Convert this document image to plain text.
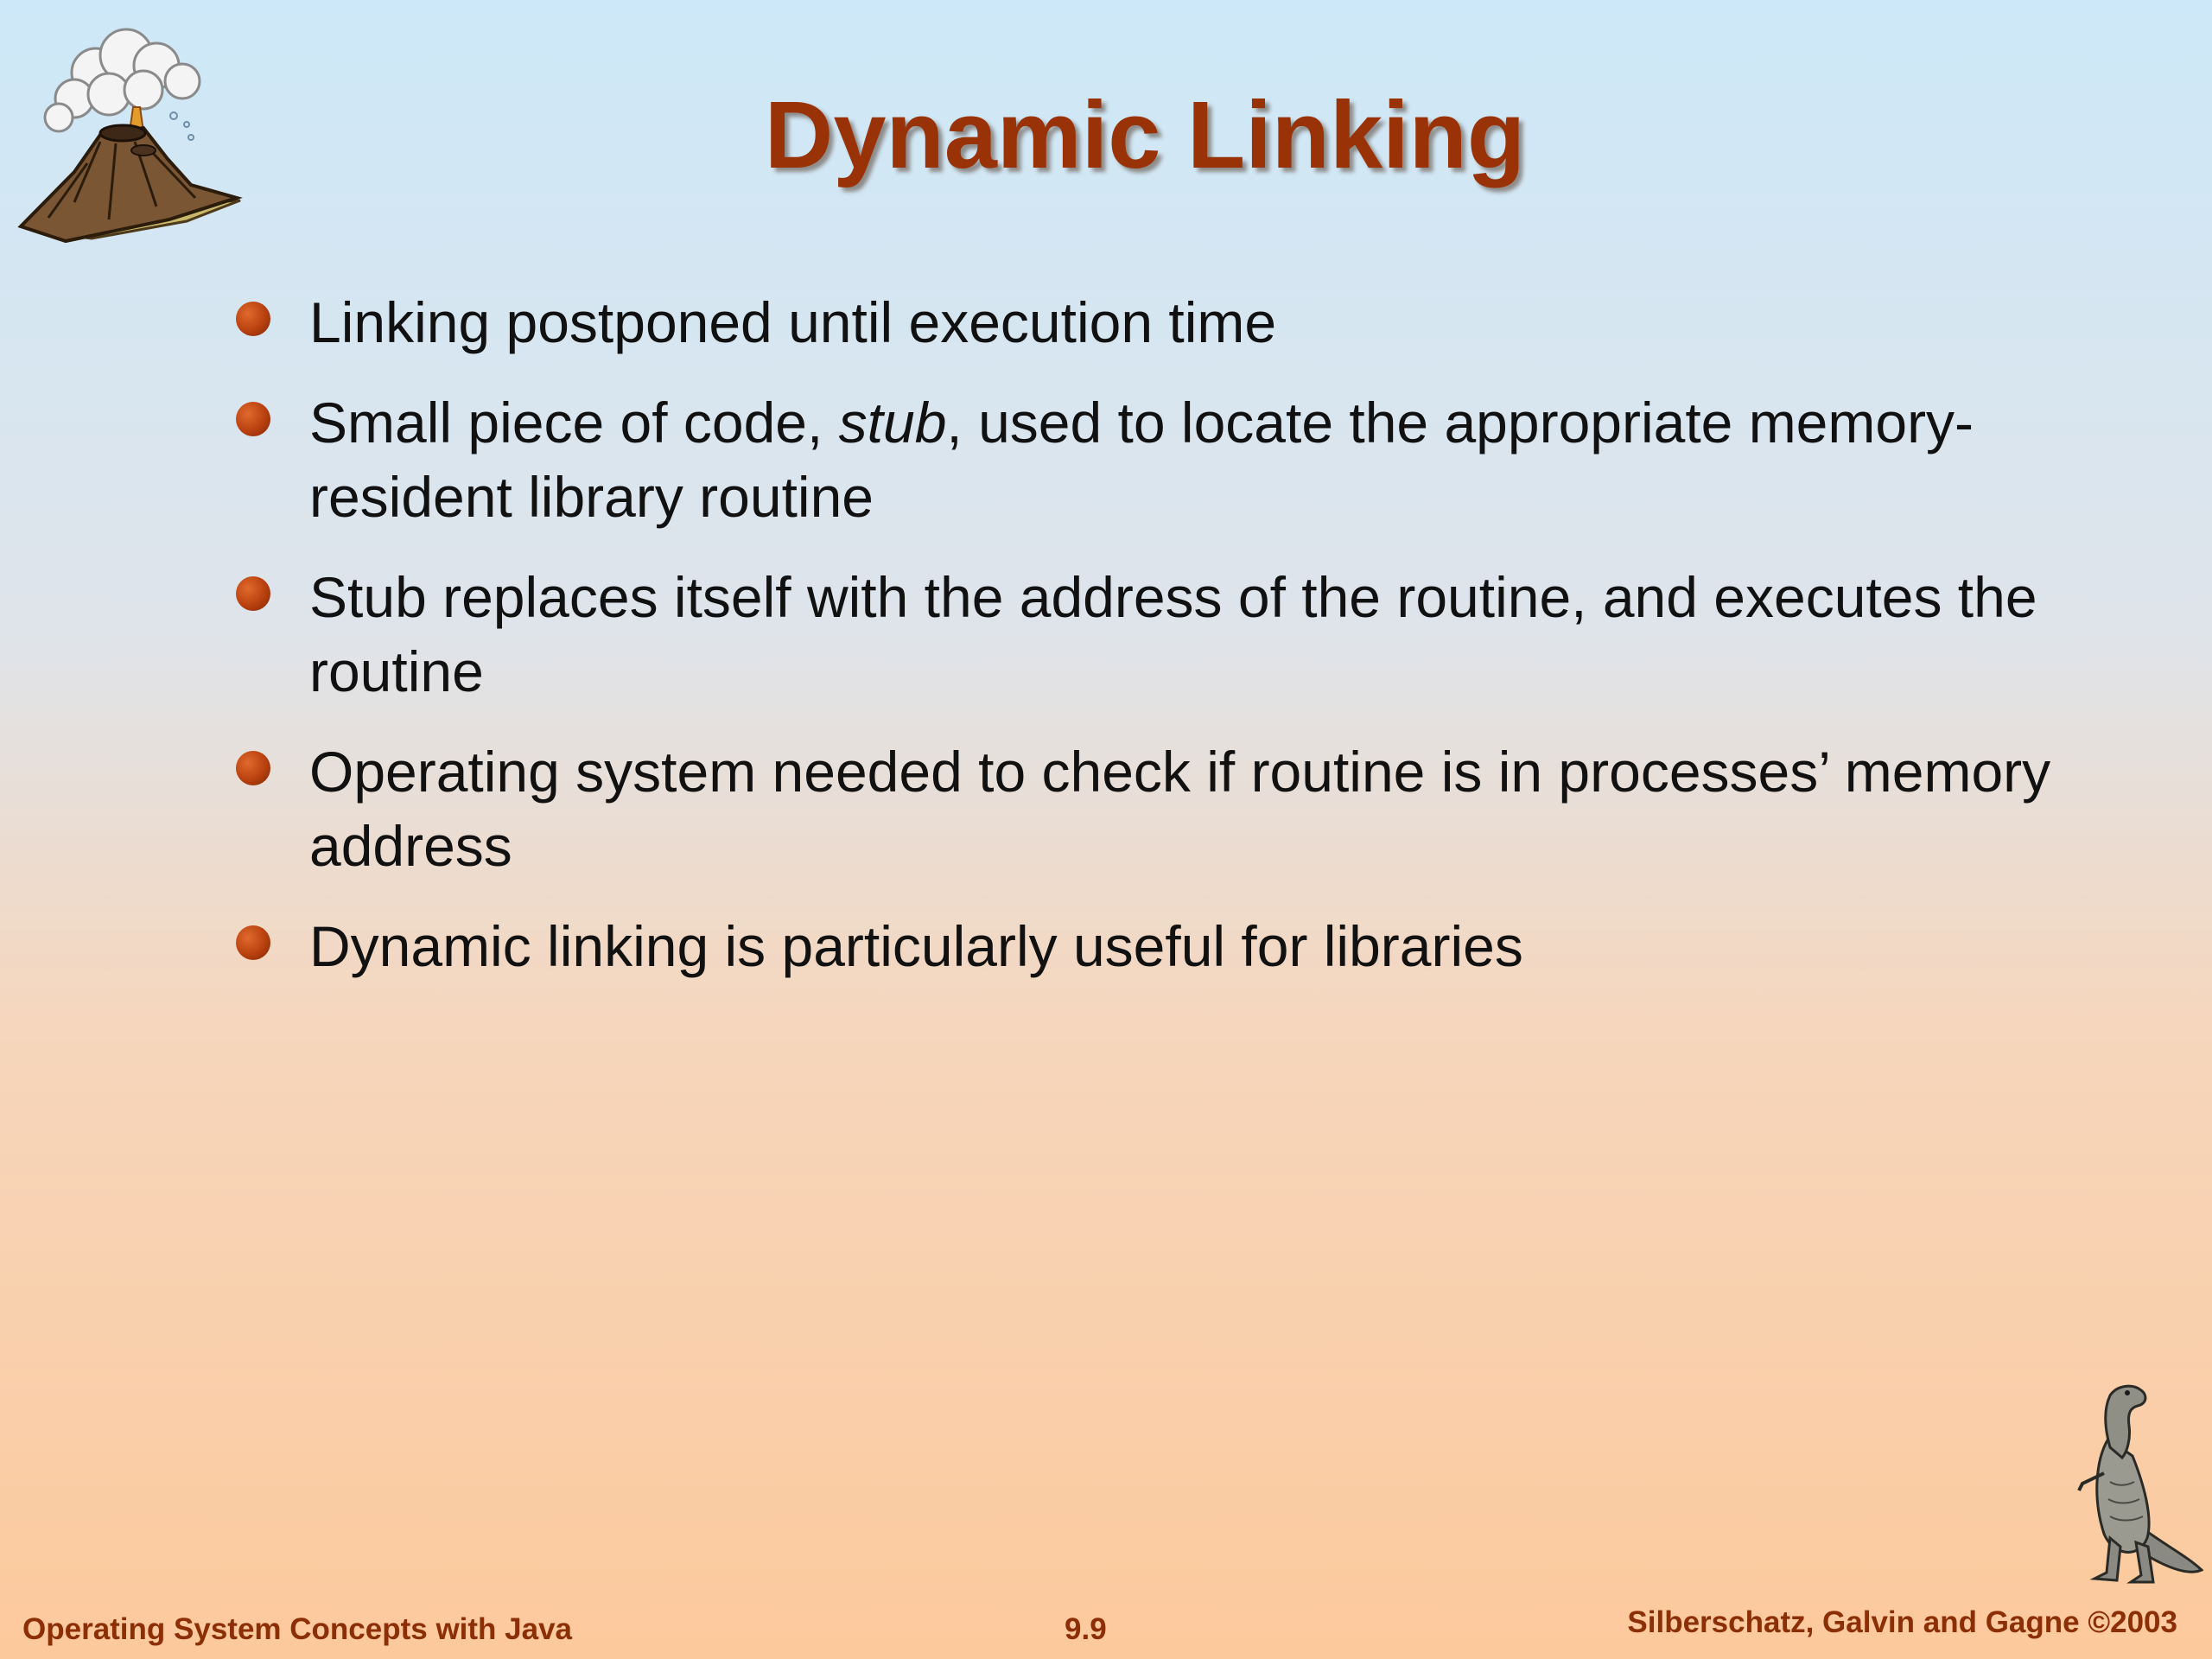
Dynamic Linking
Linking postponed until execution time
Small piece of code, stub, used to locate the appropriate memory-resident library routine
Stub replaces itself with the address of the routine, and executes the routine
Operating system needed to check if routine is in processes’ memory address
Dynamic linking is particularly useful for libraries
Operating System Concepts with Java	9.9	Silberschatz, Galvin and Gagne ©2003
